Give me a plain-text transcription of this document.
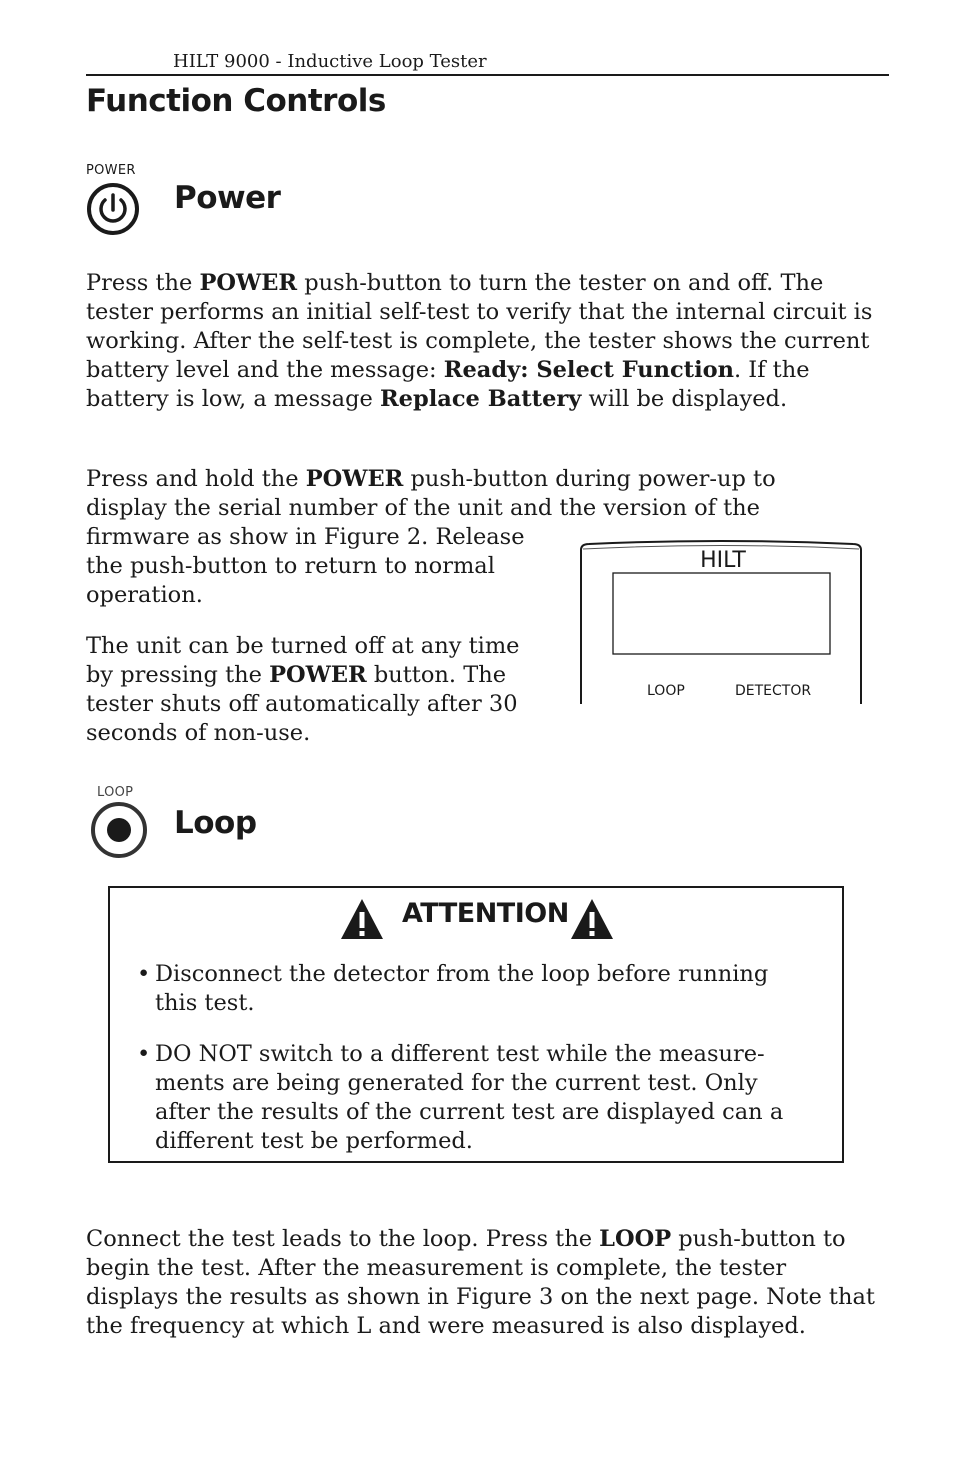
HILT 9000 - Inductive Loop Tester
Function Controls
POWER
Power

Press the POWER push-button to turn the tester on and off. The tester performs an initial self-test to verify that the internal circuit is working. After the self-test is complete, the tester shows the current battery level and the message: Ready: Select Function. If the battery is low, a message Replace Battery will be displayed.

Press and hold the POWER push-button during power-up to display the serial number of the unit and the version of the

firmware as show in Figure 2. Release the push-button to return to normal operation.

The unit can be turned off at any time by pressing the POWER button. The tester shuts off automatically after 30 seconds of non-use.

HILT
LOOP	DETECTOR
LOOP
Loop
ATTENTION
• Disconnect the detector from the loop before running this test.
• DO NOT switch to a different test while the measure-ments are being generated for the current test. Only after the results of the current test are displayed can a different test be performed.

Connect the test leads to the loop. Press the LOOP push-button to begin the test. After the measurement is complete, the tester displays the results as shown in Figure 3 on the next page. Note that the frequency at which L and were measured is also displayed.
